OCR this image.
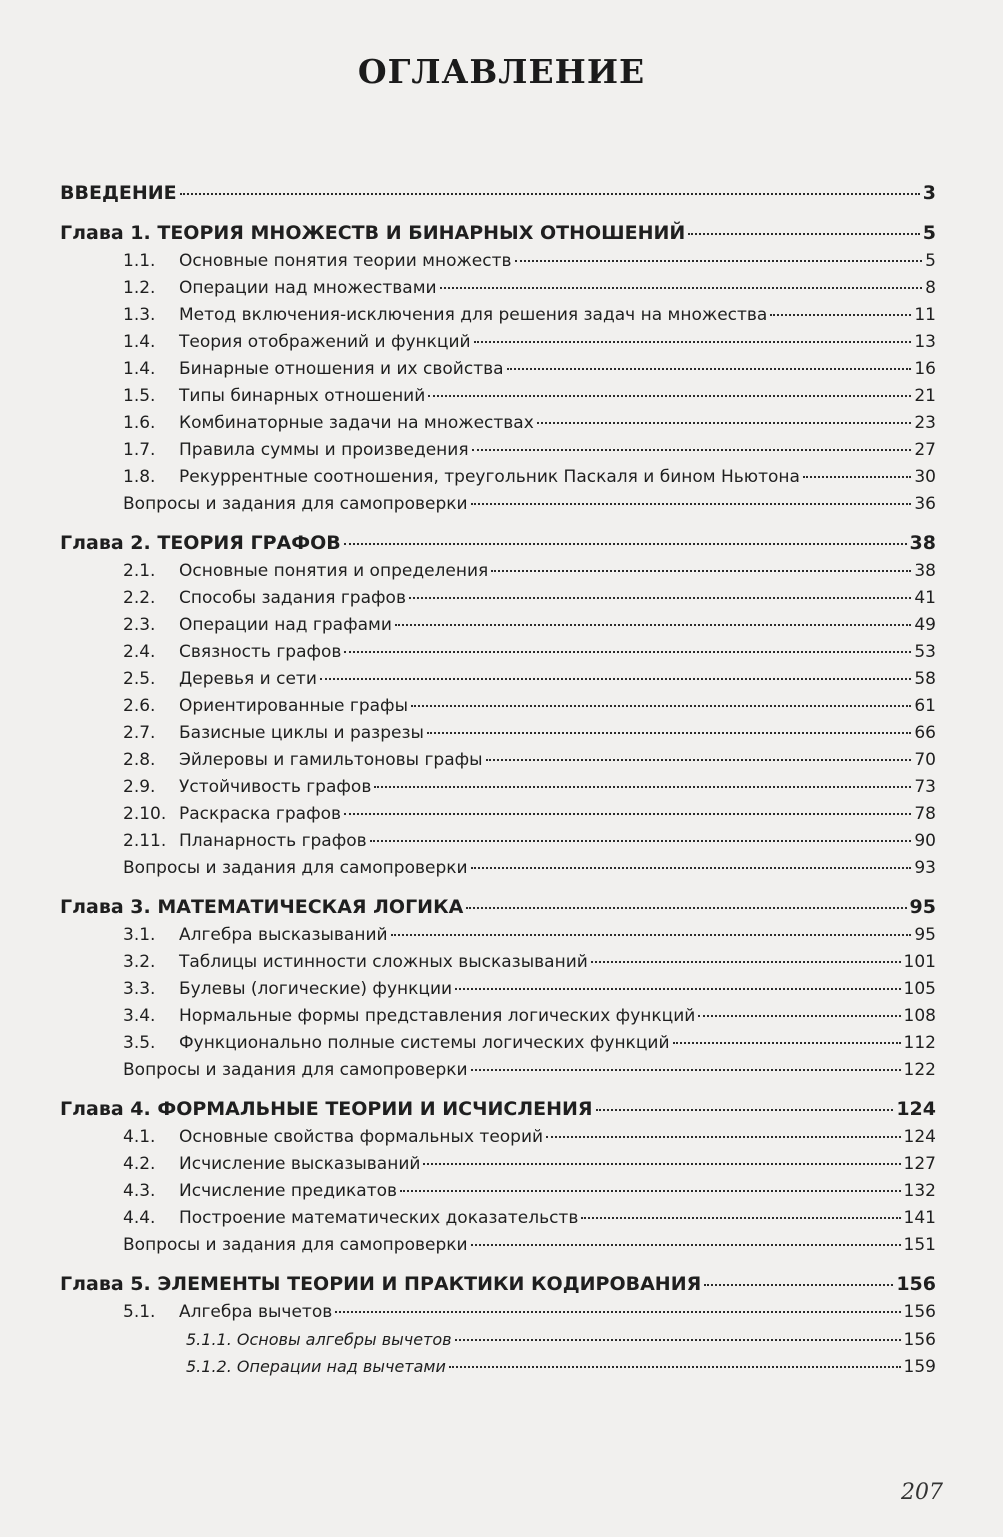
ОГЛАВЛЕНИЕ
ВВЕДЕНИЕ	3
Глава 1. ТЕОРИЯ МНОЖЕСТВ И БИНАРНЫХ ОТНОШЕНИЙ	5
1.1.	Основные понятия теории множеств	5
1.2.	Операции над множествами	8
1.3.	Метод включения-исключения для решения задач на множества	11
1.4.	Теория отображений и функций	13
1.4.	Бинарные отношения и их свойства	16
1.5.	Типы бинарных отношений	21
1.6.	Комбинаторные задачи на множествах	23
1.7.	Правила суммы и произведения	27
1.8.	Рекуррентные соотношения, треугольник Паскаля и бином Ньютона	30
Вопросы и задания для самопроверки	36
Глава 2. ТЕОРИЯ ГРАФОВ	38
2.1.	Основные понятия и определения	38
2.2.	Способы задания графов	41
2.3.	Операции над графами	49
2.4.	Связность графов	53
2.5.	Деревья и сети	58
2.6.	Ориентированные графы	61
2.7.	Базисные циклы и разрезы	66
2.8.	Эйлеровы и гамильтоновы графы	70
2.9.	Устойчивость графов	73
2.10. Раскраска графов	78
2.11. Планарность графов	90
Вопросы и задания для самопроверки	93
Глава 3. МАТЕМАТИЧЕСКАЯ ЛОГИКА	95
3.1.	Алгебра высказываний	95
3.2.	Таблицы истинности сложных высказываний	101
3.3.	Булевы (логические) функции	105
3.4.	Нормальные формы представления логических функций	108
3.5.	Функционально полные системы логических функций	112
Вопросы и задания для самопроверки	122
Глава 4. ФОРМАЛЬНЫЕ ТЕОРИИ И ИСЧИСЛЕНИЯ	124
4.1.	Основные свойства формальных теорий	124
4.2.	Исчисление высказываний	127
4.3.	Исчисление предикатов	132
4.4.	Построение математических доказательств	141
Вопросы и задания для самопроверки	151
Глава 5. ЭЛЕМЕНТЫ ТЕОРИИ И ПРАКТИКИ КОДИРОВАНИЯ	156
5.1.	Алгебра вычетов	156
5.1.1. Основы алгебры вычетов	156
5.1.2. Операции над вычетами	159
207
